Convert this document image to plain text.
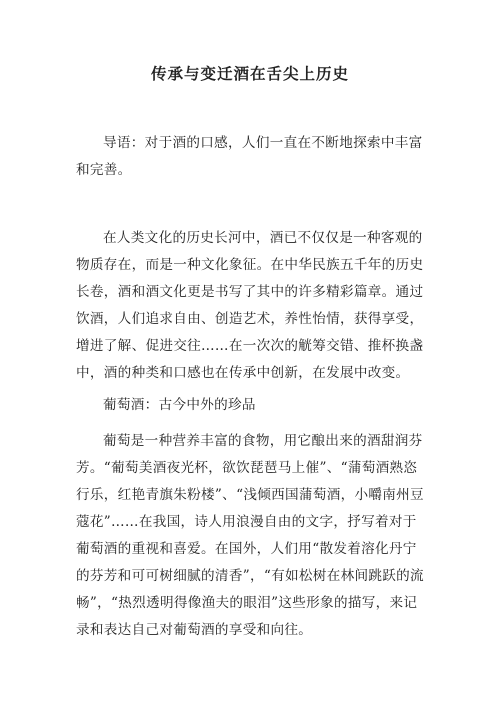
传承与变迁酒在舌尖上历史

导语：对于酒的口感，人们一直在不断地探索中丰富和完善。

在人类文化的历史长河中，酒已不仅仅是一种客观的物质存在，而是一种文化象征。在中华民族五千年的历史长卷，酒和酒文化更是书写了其中的许多精彩篇章。通过饮酒，人们追求自由、创造艺术，养性怡情，获得享受，增进了解、促进交往……在一次次的觥筹交错、推杯换盏中，酒的种类和口感也在传承中创新，在发展中改变。

葡萄酒：古今中外的珍品

葡萄是一种营养丰富的食物，用它酿出来的酒甜润芬芳。“葡萄美酒夜光杯，欲饮琵琶马上催”、“蒲萄酒熟恣行乐，红艳青旗朱粉楼”、“浅倾西国蒲萄酒，小嚼南州豆蔻花”……在我国，诗人用浪漫自由的文字，抒写着对于葡萄酒的重视和喜爱。在国外，人们用“散发着溶化丹宁的芬芳和可可树细腻的清香”，“有如松树在林间跳跃的流畅”，“热烈透明得像渔夫的眼泪”这些形象的描写，来记录和表达自己对葡萄酒的享受和向往。
